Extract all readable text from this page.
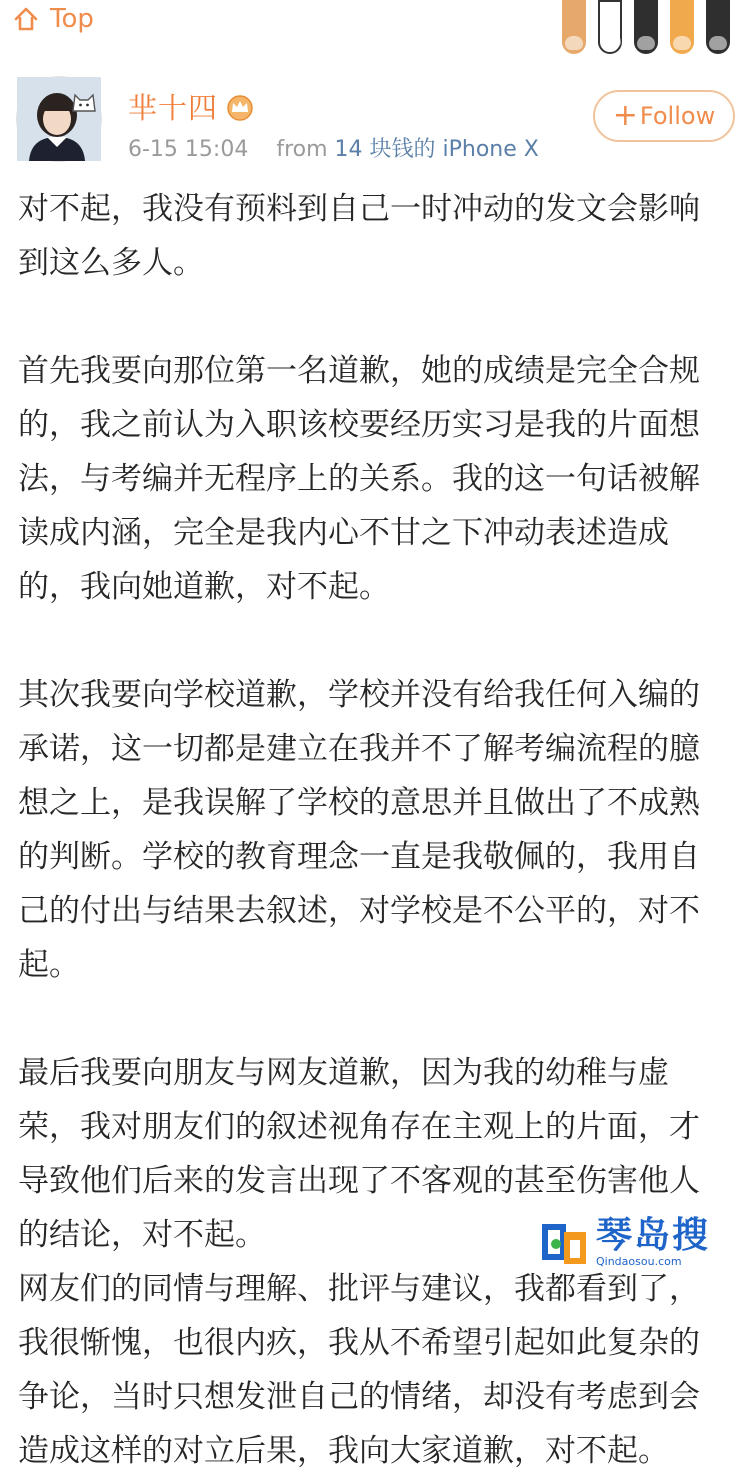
Top
芈十四
6-15 15:04 from 14 块钱的 iPhone X
+ Follow

对不起，我没有预料到自己一时冲动的发文会影响
到这么多人。

首先我要向那位第一名道歉，她的成绩是完全合规
的，我之前认为入职该校要经历实习是我的片面想
法，与考编并无程序上的关系。我的这一句话被解
读成内涵，完全是我内心不甘之下冲动表述造成
的，我向她道歉，对不起。

其次我要向学校道歉，学校并没有给我任何入编的
承诺，这一切都是建立在我并不了解考编流程的臆
想之上，是我误解了学校的意思并且做出了不成熟
的判断。学校的教育理念一直是我敬佩的，我用自
己的付出与结果去叙述，对学校是不公平的，对不
起。

最后我要向朋友与网友道歉，因为我的幼稚与虚
荣，我对朋友们的叙述视角存在主观上的片面，才
导致他们后来的发言出现了不客观的甚至伤害他人
的结论，对不起。

网友们的同情与理解、批评与建议，我都看到了，
我很惭愧，也很内疚，我从不希望引起如此复杂的
争论，当时只想发泄自己的情绪，却没有考虑到会
造成这样的对立后果，我向大家道歉，对不起。

琴岛搜
Qindaosou.com
